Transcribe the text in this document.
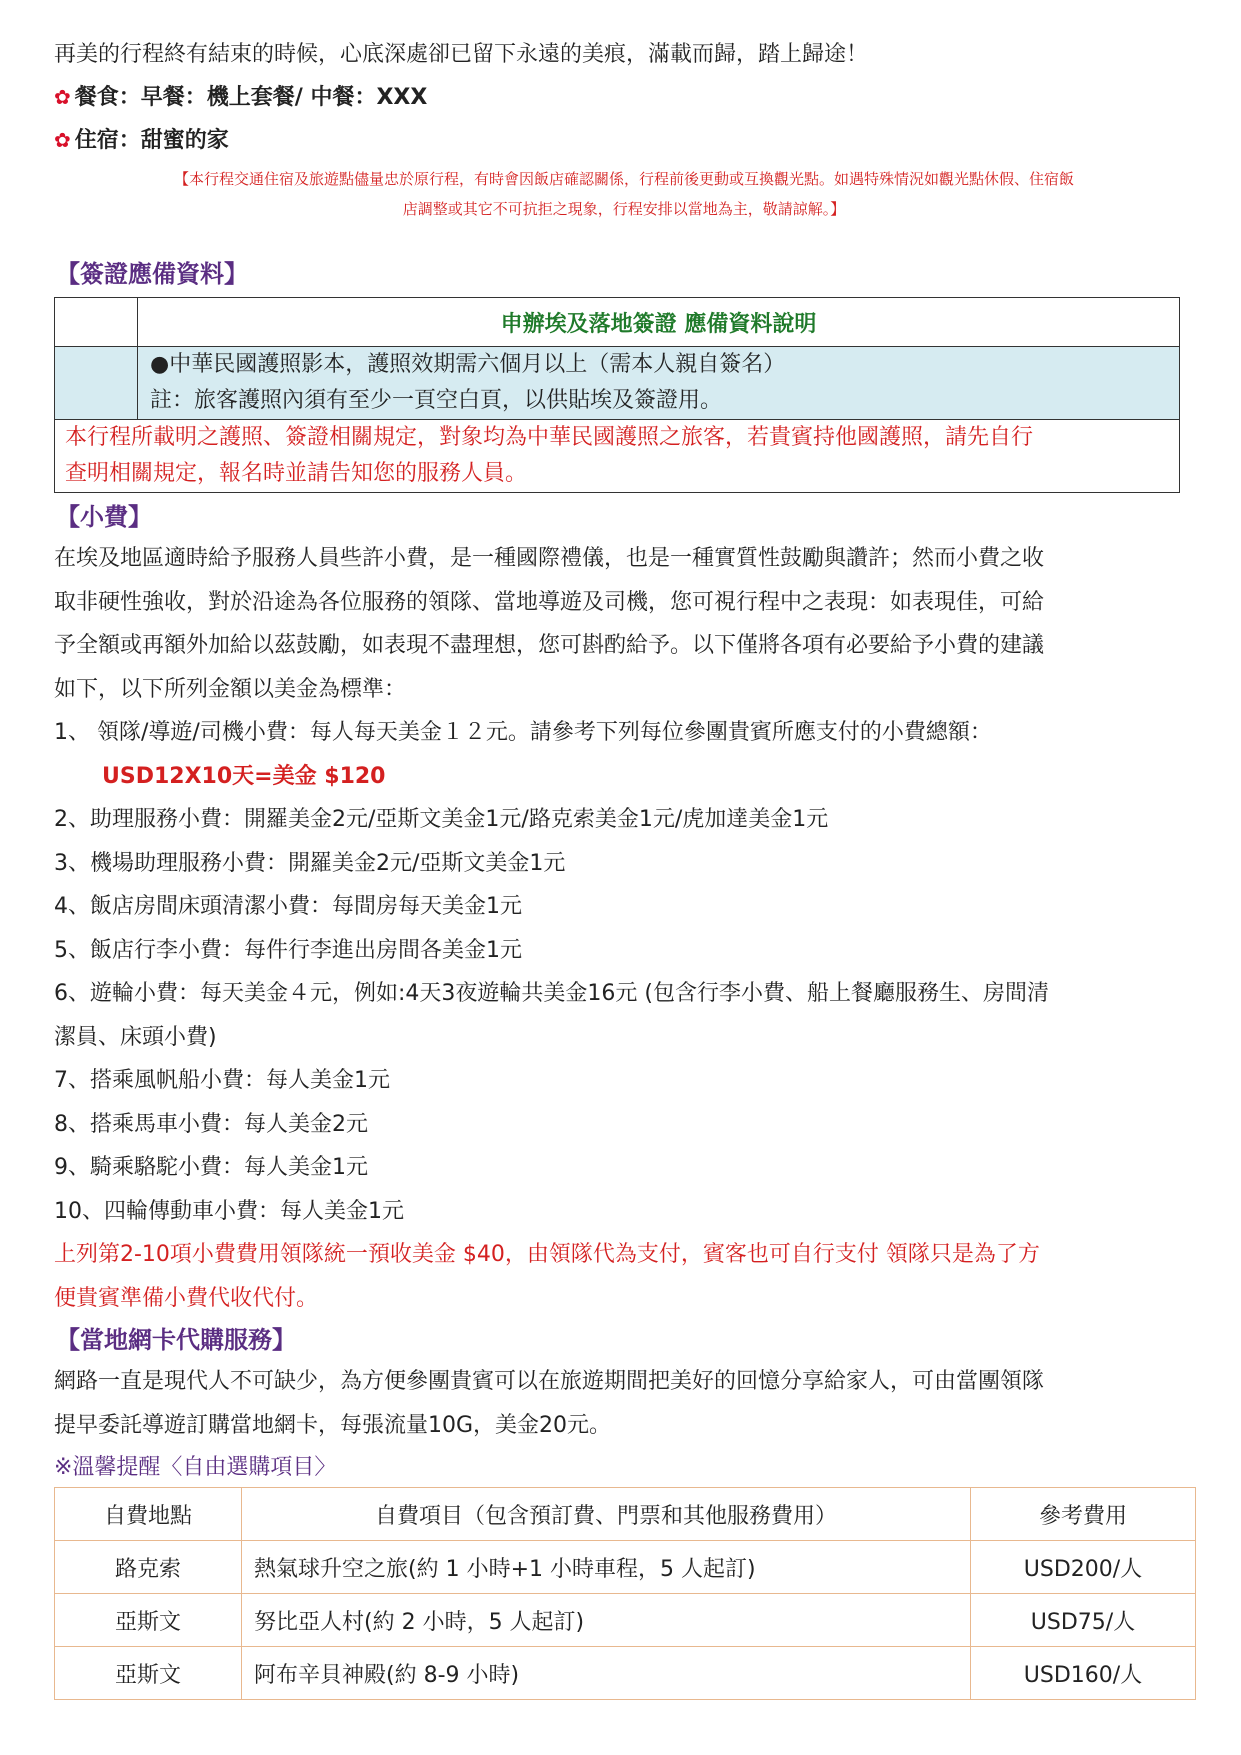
再美的行程終有結束的時候，心底深處卻已留下永遠的美痕，滿載而歸，踏上歸途！
✿ 餐食：早餐：機上套餐/ 中餐：XXX
✿ 住宿：甜蜜的家
【本行程交通住宿及旅遊點儘量忠於原行程，有時會因飯店確認關係，行程前後更動或互換觀光點。如遇特殊情況如觀光點休假、住宿飯
店調整或其它不可抗拒之現象，行程安排以當地為主，敬請諒解。】
【簽證應備資料】
	申辦埃及落地簽證 應備資料說明

	●中華民國護照影本，護照效期需六個月以上（需本人親自簽名）
註：旅客護照內須有至少一頁空白頁，以供貼埃及簽證用。

本行程所載明之護照、簽證相關規定，對象均為中華民國護照之旅客，若貴賓持他國護照，請先自行
查明相關規定，報名時並請告知您的服務人員。	
【小費】
在埃及地區適時給予服務人員些許小費，是一種國際禮儀，也是一種實質性鼓勵與讚許；然而小費之收
取非硬性強收，對於沿途為各位服務的領隊、當地導遊及司機，您可視行程中之表現：如表現佳，可給
予全額或再額外加給以茲鼓勵，如表現不盡理想，您可斟酌給予。以下僅將各項有必要給予小費的建議
如下，以下所列金額以美金為標準：
1、 領隊/導遊/司機小費：每人每天美金１２元。請參考下列每位參團貴賓所應支付的小費總額：
USD12X10天=美金 $120
2、助理服務小費：開羅美金2元/亞斯文美金1元/路克索美金1元/虎加達美金1元
3、機場助理服務小費：開羅美金2元/亞斯文美金1元
4、飯店房間床頭清潔小費：每間房每天美金1元
5、飯店行李小費：每件行李進出房間各美金1元
6、遊輪小費：每天美金４元，例如:4天3夜遊輪共美金16元 (包含行李小費、船上餐廳服務生、房間清
潔員、床頭小費)
7、搭乘風帆船小費：每人美金1元
8、搭乘馬車小費：每人美金2元
9、騎乘駱駝小費：每人美金1元
10、四輪傳動車小費：每人美金1元
上列第2-10項小費費用領隊統一預收美金 $40，由領隊代為支付，賓客也可自行支付 領隊只是為了方
便貴賓準備小費代收代付。
【當地網卡代購服務】
網路一直是現代人不可缺少，為方便參團貴賓可以在旅遊期間把美好的回憶分享給家人，可由當團領隊
提早委託導遊訂購當地網卡，每張流量10G，美金20元。
※溫馨提醒〈自由選購項目〉
自費地點	自費項目（包含預訂費、門票和其他服務費用）	參考費用
路克索	熱氣球升空之旅(約 1 小時+1 小時車程，5 人起訂)	USD200/人
亞斯文	努比亞人村(約 2 小時，5 人起訂)	USD75/人
亞斯文	阿布辛貝神殿(約 8-9 小時)	USD160/人
